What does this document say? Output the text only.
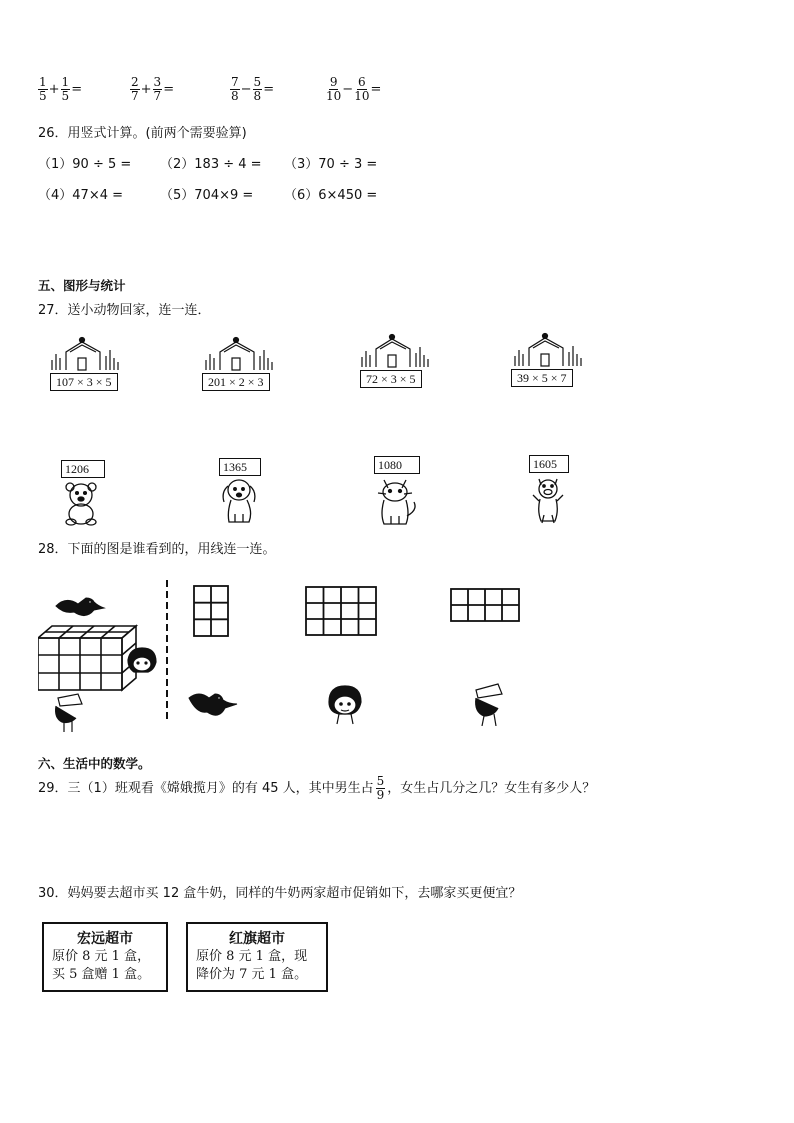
$\frac{1}{5} + \frac{1}{5}$ =	$\frac{2}{7} + \frac{3}{7}$ =	$\frac{7}{8} - \frac{5}{8}$ =	$\frac{9}{10} - \frac{6}{10}$ =
26．用竖式计算。(前两个需要验算)
（1）90 ÷ 5 = （2）183 ÷ 4 = （3）70 ÷ 3 =
（4）47×4 =	（5）704×9 = （6）6×450 =
五、图形与统计
27．送小动物回家，连一连．
107 × 3 × 5	201 × 2 × 3	72 × 3 × 5	39 × 5 × 7
1206	1365	1080	1605
28．下面的图是谁看到的，用线连一连。
六、生活中的数学。
29．三（1）班观看《嫦娥揽月》的有 45 人，其中男生占 $\frac{5}{9}$ ，女生占几分之几？女生有多少人？
30．妈妈要去超市买 12 盒牛奶，同样的牛奶两家超市促销如下，去哪家买更便宜？
宏远超市
原价 8 元 1 盒，
买 5 盒赠 1 盒。
红旗超市
原价 8 元 1 盒，现
降价为 7 元 1 盒。
